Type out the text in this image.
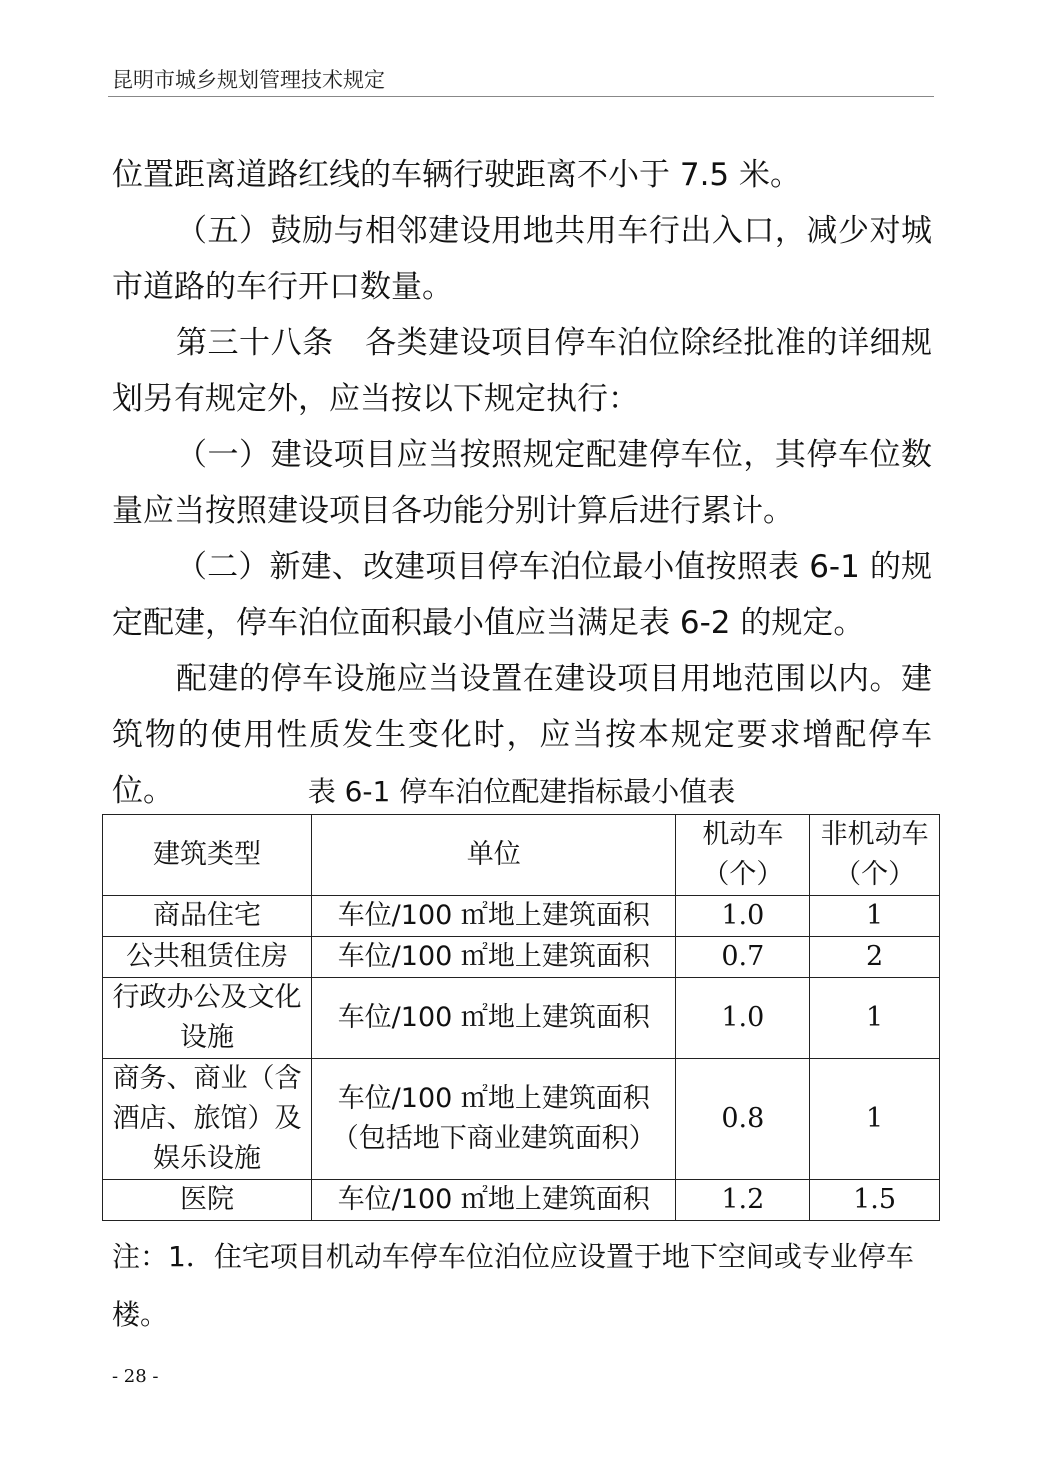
昆明市城乡规划管理技术规定

位置距离道路红线的车辆行驶距离不小于 7.5 米。

（五）鼓励与相邻建设用地共用车行出入口，减少对城市道路的车行开口数量。

第三十八条　各类建设项目停车泊位除经批准的详细规划另有规定外，应当按以下规定执行：

（一）建设项目应当按照规定配建停车位，其停车位数量应当按照建设项目各功能分别计算后进行累计。

（二）新建、改建项目停车泊位最小值按照表 6-1 的规定配建，停车泊位面积最小值应当满足表 6-2 的规定。

配建的停车设施应当设置在建设项目用地范围以内。建筑物的使用性质发生变化时，应当按本规定要求增配停车位。	表 6-1 停车泊位配建指标最小值表
建筑类型	单位	机动车（个）	非机动车（个）
商品住宅	车位/100 ㎡地上建筑面积	1.0	1
公共租赁住房	车位/100 ㎡地上建筑面积	0.7	2
行政办公及文化设施	车位/100 ㎡地上建筑面积	1.0	1
商务、商业（含酒店、旅馆）及娱乐设施	车位/100 ㎡地上建筑面积（包括地下商业建筑面积）	0.8	1
医院	车位/100 ㎡地上建筑面积	1.2	1.5
注：1．住宅项目机动车停车位泊位应设置于地下空间或专业停车楼。
- 28 -
